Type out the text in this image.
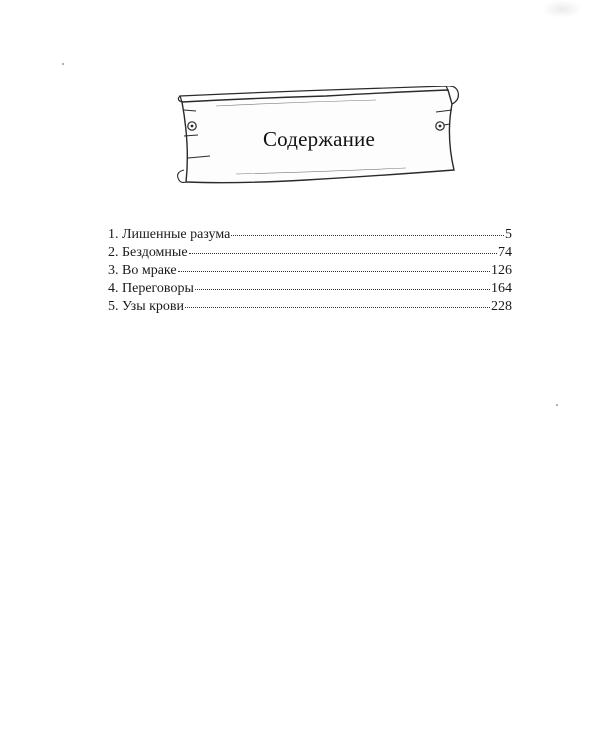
Содержание
1. Лишенные разума	5
2. Бездомные	74
3. Во мраке	126
4. Переговоры	164
5. Узы крови	228
